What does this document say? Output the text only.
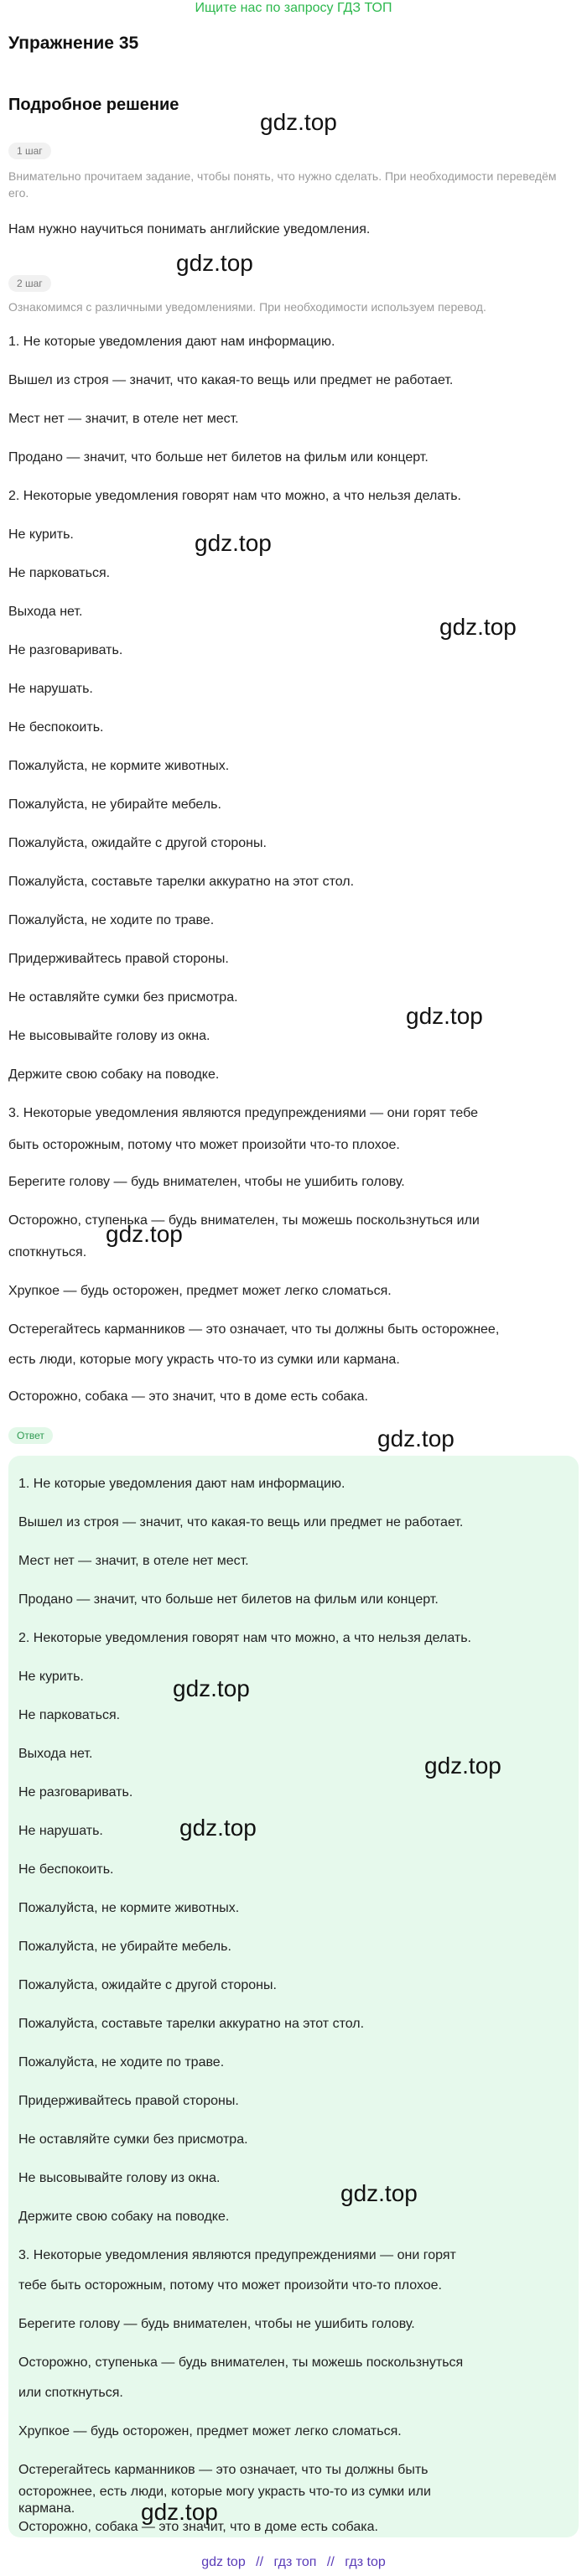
Ищите нас по запросу ГДЗ ТОП
Упражнение 35
Подробное решение
1 шаг

Внимательно прочитаем задание, чтобы понять, что нужно сделать. При необходимости переведём его.

Нам нужно научиться понимать английские уведомления.

2 шаг

Ознакомимся с различными уведомлениями. При необходимости используем перевод.

1. Не которые уведомления дают нам информацию.

Вышел из строя — значит, что какая-то вещь или предмет не работает.

Мест нет — значит, в отеле нет мест.

Продано — значит, что больше нет билетов на фильм или концерт.

2. Некоторые уведомления говорят нам что можно, а что нельзя делать.

Не курить.

Не парковаться.

Выхода нет.

Не разговаривать.

Не нарушать.

Не беспокоить.

Пожалуйста, не кормите животных.

Пожалуйста, не убирайте мебель.

Пожалуйста, ожидайте с другой стороны.

Пожалуйста, составьте тарелки аккуратно на этот стол.

Пожалуйста, не ходите по траве.

Придерживайтесь правой стороны.

Не оставляйте сумки без присмотра.

Не высовывайте голову из окна.

Держите свою собаку на поводке.

3. Некоторые уведомления являются предупреждениями — они горят тебе

быть осторожным, потому что может произойти что-то плохое.

Берегите голову — будь внимателен, чтобы не ушибить голову.

Осторожно, ступенька — будь внимателен, ты можешь поскользнуться или

споткнуться.

Хрупкое — будь осторожен, предмет может легко сломаться.

Остерегайтесь карманников — это означает, что ты должны быть осторожнее,

есть люди, которые могу украсть что-то из сумки или кармана.

Осторожно, собака — это значит, что в доме есть собака.

Ответ

1. Не которые уведомления дают нам информацию.

Вышел из строя — значит, что какая-то вещь или предмет не работает.

Мест нет — значит, в отеле нет мест.

Продано — значит, что больше нет билетов на фильм или концерт.

2. Некоторые уведомления говорят нам что можно, а что нельзя делать.

Не курить.

Не парковаться.

Выхода нет.

Не разговаривать.

Не нарушать.

Не беспокоить.

Пожалуйста, не кормите животных.

Пожалуйста, не убирайте мебель.

Пожалуйста, ожидайте с другой стороны.

Пожалуйста, составьте тарелки аккуратно на этот стол.

Пожалуйста, не ходите по траве.

Придерживайтесь правой стороны.

Не оставляйте сумки без присмотра.

Не высовывайте голову из окна.

Держите свою собаку на поводке.

3. Некоторые уведомления являются предупреждениями — они горят

тебе быть осторожным, потому что может произойти что-то плохое.

Берегите голову — будь внимателен, чтобы не ушибить голову.

Осторожно, ступенька — будь внимателен, ты можешь поскользнуться

или споткнуться.

Хрупкое — будь осторожен, предмет может легко сломаться.

Остерегайтесь карманников — это означает, что ты должны быть

осторожнее, есть люди, которые могу украсть что-то из сумки или

кармана.

Осторожно, собака — это значит, что в доме есть собака.

gdz.top
gdz.top
gdz.top
gdz.top
gdz.top
gdz.top
gdz.top
gdz.top
gdz.top
gdz.top
gdz.top
gdz.top
gdz top // гдз топ // гдз top
